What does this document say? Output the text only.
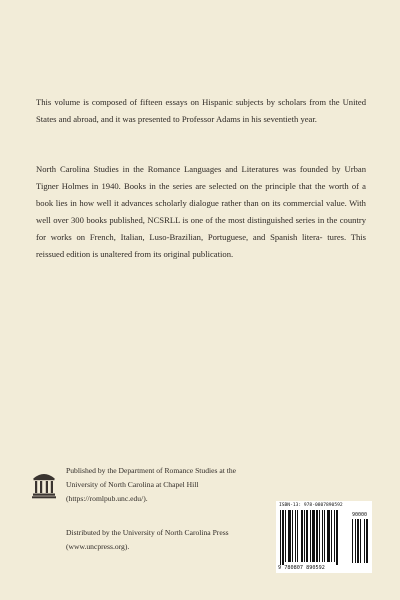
This volume is composed of fifteen essays on Hispanic subjects by scholars from the United States and abroad, and it was presented to Professor Adams in his seventieth year.

North Carolina Studies in the Romance Languages and Literatures was founded by Urban Tigner Holmes in 1940. Books in the series are selected on the principle that the worth of a book lies in how well it advances scholarly dialogue rather than on its commercial value. With well over 300 books published, NCSRLL is one of the most distinguished series in the country for works on French, Italian, Luso-Brazilian, Portuguese, and Spanish litera- tures. This reissued edition is unaltered from its original publication.

Published by the Department of Romance Studies at the
University of North Carolina at Chapel Hill
(https://romlpub.unc.edu/).
Distributed by the University of North Carolina Press
(www.uncpress.org).
ISBN-13: 978-0807890592
90000
9 780807 890592
